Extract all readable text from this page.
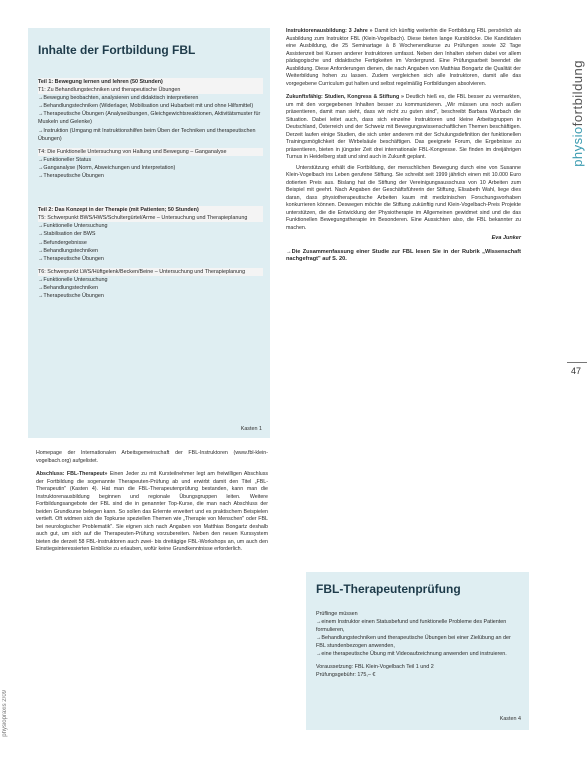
physiofortbildung
47
physiopraxis 2/09
Inhalte der Fortbildung FBL
Teil 1: Bewegung lernen und lehren (50 Stunden)
T1: Zu Behandlungstechniken und therapeutische Übungen
→ Bewegung beobachten, analysieren und didaktisch interpretieren
→ Behandlungstechniken (Widerlager, Mobilisation und Hubarbeit mit und ohne Hilfsmittel)
→ Therapeutische Übungen (Analyseübungen, Gleichgewichtsreaktionen, Aktivitätsmuster für Muskeln und Gelenke)
→ Instruktion (Umgang mit Instruktionshilfen beim Üben der Techniken und therapeutischen Übungen)
T4: Die Funktionelle Untersuchung von Haltung und Bewegung – Ganganalyse
→ Funktioneller Status
→ Ganganalyse (Norm, Abweichungen und Interpretation)
→ Therapeutische Übungen
Teil 2: Das Konzept in der Therapie (mit Patienten; 50 Stunden)
T5: Schwerpunkt BWS/HWS/Schultergürtel/Arme – Untersuchung und Therapieplanung
→ Funktionelle Untersuchung
→ Stabilisation der BWS
→ Befundergebnisse
→ Behandlungstechniken
→ Therapeutische Übungen
T6: Schwerpunkt LWS/Hüftgelenk/Becken/Beine – Untersuchung und Therapieplanung
→ Funktionelle Untersuchung
→ Behandlungstechniken
→ Therapeutische Übungen
Kasten 1

Homepage der Internationalen Arbeitsgemeinschaft der FBL-Instruktoren (www.fbl-klein-vogelbach.org) aufgelistet.

Abschluss: FBL-Therapeut» Einen Jeder zu mit Kursteilnehmer legt am freiwilligen Abschluss der Fortbildung die sogenannte Therapeuten-Prüfung ab und erwirbt damit den Titel „FBL-Therapeutin" (Kasten 4). Hat man die FBL-Therapeutenprüfung bestanden, kann man die Instruktorenausbildung beginnen und regionale Übungsgruppen leiten. Weitere Fortbildungsangebote der FBL sind die in genannter Top-Kurse, die man nach Abschluss der beiden Grundkurse belegen kann. So sollen das Erlernte erweitert und es praktischem Beispielen vertieft. Oft widmen sich die Topkurse speziellen Themen wie „Therapie von Menschen" oder FBL bei neurologischer Problematik". Sie eignen sich nach Angaben von Matthias Bongartz deshalb auch gut, um sich auf die Therapeuten-Prüfung vorzubereiten. Neben den neuen Kurssystem bieten die derzeit 58 FBL-Instruktoren auch zwei- bis dreitägige FBL-Workshops an, um auch den Einstiegsinteressierten Einblicke zu erlauben, wofür keine Grundkenntnisse erforderlich.

Instruktorenausbildung: 3 Jahre » Damit ich künftig weiterhin die Fortbildung FBL persönlich als Ausbildung zum Instruktor FBL (Klein-Vogelbach). Diese bieten lange Kursblöcke. Die Kandidaten eine Ausbildung, die 25 Seminartage à 8 Wochenendkurse zu Prüfungen sowie 32 Tage Assistenzeit bei Kursen anderer Instruktoren umfasst. Neben den Inhalten stehen dabei vor allem pädagogische und didaktische Fertigkeiten im Vordergrund. Eine Prüfungsarbeit beendet die Ausbildung. Diese Anforderungen dienen, die nach Angaben von Matthias Bongartz die Qualität der Weiterbildung hohen zu lassen. Zudem vergleichen sich alle Instruktoren, damit alle das vorgegebene Curriculum gut halten und selbst regelmäßig Fortbildungen absolvieren.

Zukunftsfähig: Studien, Kongress & Stiftung » Deutlich hieß es, die FBL besser zu vermarkten, um mit den vorgegebenen Inhalten besser zu kommunizieren. „Wir müssen uns noch außen präsentieren, damit man sieht, dass wir nicht zu guten sind", beschreibt Barbara Wurbach die Situation. Dabei leitet auch, dass sich einzelne Instruktoren und kleine Arbeitsgruppen in Deutschland, Österreich und der Schweiz mit Bewegungswissenschaftlichen Themen beschäftigen. Derzeit laufen einige Studien, die sich unter anderem mit der Schulungsdefinition der funktionellen Trainingsmöglichkeit der Wirbelsäule beschäftigen. Das geeignete Forum, die Ergebnisse zu präsentieren, bieten in jüngster Zeit drei internationale FBL-Kongresse. Sie finden im dreijährigen Turnus in Heidelberg statt und sind auch in Zukunft geplant.

Unterstützung erhält die Fortbildung, der menschlichen Bewegung durch eine von Susanne Klein-Vogelbach ins Leben gerufene Stiftung. Sie schreibt seit 1999 jährlich einen mit 10.000 Euro dotierten Preis aus. Bislang hat die Stiftung der Vereinigungsausschuss von 10 Arbeiten zum Beispiel mit geehrt. Nach Angaben der Geschäftsführerin der Stiftung, Elisabeth Wahl, liege dies daran, dass physiotherapeutische Arbeiten kaum mit medizinischen Forschungsvorhaben konkurrieren können. Deswegen möchte die Stiftung zukünftig rund Klein-Vogelbach-Preis Projekte unterstützen, die die Entwicklung der Physiotherapie im Allgemeinen gewidmet sind und die das Funktionellen Bewegungstherapie im Besonderen. Eine Aussichten also, die FBL bekannter zu machen.

Eva Junker
→ Die Zusammenfassung einer Studie zur FBL lesen Sie in der Rubrik „Wissenschaft nachgefragt" auf S. 20.
FBL-Therapeutenprüfung
Prüflinge müssen
→ einem Instruktor einen Statusbefund und funktionelle Probleme des Patienten formulieren,
→ Behandlungstechniken und therapeutische Übungen bei einer Zielübung an der FBL stundenbezogen anwenden,
→ eine therapeutische Übung mit Videoaufzeichnung anwenden und instruieren.
Voraussetzung: FBL Klein-Vogelbach Teil 1 und 2
Prüfungsgebühr: 175,– €
Kasten 4
